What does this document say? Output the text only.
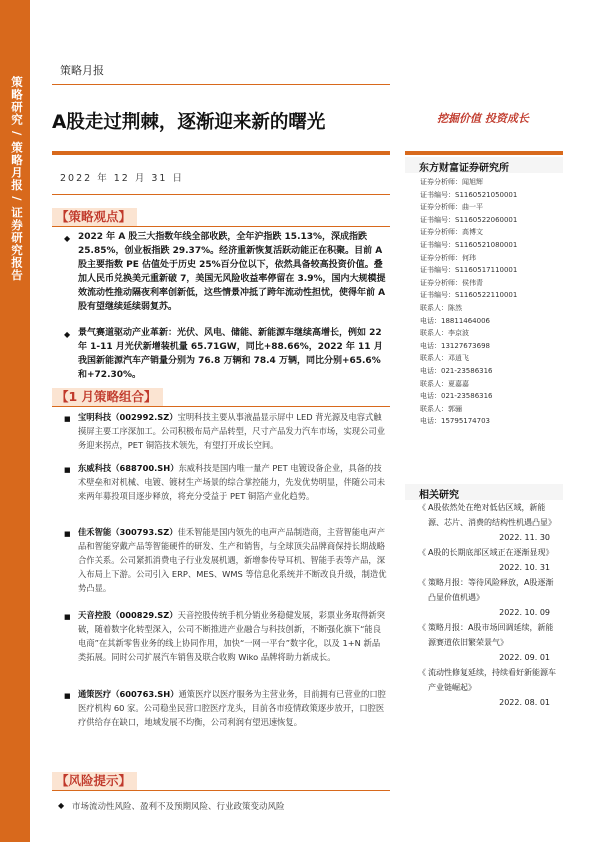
策略研究 / 策略月报 / 证券研究报告
策略月报
A股走过荆棘，逐渐迎来新的曙光	挖掘价值 投资成长
2022 年 12 月 31 日
【策略观点】
◆ 2022 年 A 股三大指数年线全部收跌，全年沪指跌 15.13%，深成指跌 25.85%，创业板指跌 29.37%。经济重新恢复活跃动能正在积聚。目前 A 股主要指数 PE 估值处于历史 25%百分位以下，依然具备较高投资价值。叠加人民币兑换美元重新破 7，美国无风险收益率停留在 3.9%，国内大规模提效流动性推动隔夜利率创新低，这些情景冲抵了跨年流动性担忧，使得年前 A 股有望继续延续弱复苏。
◆ 景气赛道驱动产业革新：光伏、风电、储能、新能源车继续高增长，例如 22 年 1-11 月光伏新增装机量 65.71GW，同比+88.66%，2022 年 11 月我国新能源汽车产销量分别为 76.8 万辆和 78.4 万辆，同比分别+65.6%和+72.30%。
【1 月策略组合】
■ 宝明科技（002992.SZ）宝明科技主要从事液晶显示屏中 LED 背光源及电容式触摸屏主要工序深加工。公司积极布局产品转型，尺寸产品发力汽车市场，实现公司业务迎来拐点，PET 铜箔技术领先，有望打开成长空间。
■ 东威科技（688700.SH）东威科技是国内唯一量产 PET 电镀设备企业，具备的技术壁垒和对机械、电镀、镀材生产场景的综合掌控能力，先发优势明显，伴随公司未来两年募投项目逐步释放，将充分受益于 PET 铜箔产业化趋势。
■ 佳禾智能（300793.SZ）佳禾智能是国内领先的电声产品制造商，主营智能电声产品和智能穿戴产品等智能硬件的研发、生产和销售，与全球顶尖品牌商保持长期战略合作关系。公司紧抓消费电子行业发展机遇，新增参传导耳机、智能手表等产品，深入布局上下游。公司引入 ERP、MES、WMS 等信息化系统并不断改良升级，制造优势凸显。
■ 天音控股（000829.SZ）天音控股传统手机分销业务稳健发展，彩票业务取得新突破，随着数字化转型深入，公司不断推进产业融合与科技创新，不断强化旗下“能良电商”在其新零售业务的线上协同作用，加快“一网一平台”数字化，以及 1+N 新品类拓展。同时公司扩展汽车销售及联合收购 Wiko 品牌将助力新成长。
■ 通策医疗（600763.SH）通策医疗以医疗服务为主营业务，目前拥有已营业的口腔医疗机构 60 家。公司稳坐民营口腔医疗龙头，目前各市疫情政策逐步放开，口腔医疗供给存在缺口，地域发展不均衡，公司利润有望迅速恢复。
【风险提示】
◆ 市场流动性风险、盈利不及预期风险、行业政策变动风险
东方财富证券研究所
证券分析师：闻旭辉
证书编号：S1160521050001
证券分析师：曲一平
证书编号：S1160522060001
证券分析师：高博文
证书编号：S1160521080001
证券分析师：何玮
证书编号：S1160517110001
证券分析师：侯伟青
证书编号：S1160522110001
联系人：陈然
电话：18811464006
联系人：李京波
电话：13127673698
联系人：邓逍飞
电话：021-23586316
联系人：夏嘉嘉
电话：021-23586316
联系人：郭骊
电话：15795174703
相关研究
《 A股依然处在绝对低估区域，新能源、芯片、消费的结构性机遇凸显》
2022. 11. 30
《 A股的长期底部区域正在逐渐显现》
2022. 10. 31
《 策略月报：等待风险释放，A股逐渐凸显价值机遇》
2022. 10. 09
《 策略月报：A股市场回调延续，新能源赛道依旧繁荣景气》
2022. 09. 01
《 流动性修复延续，持续看好新能源车产业链崛起》
2022. 08. 01
